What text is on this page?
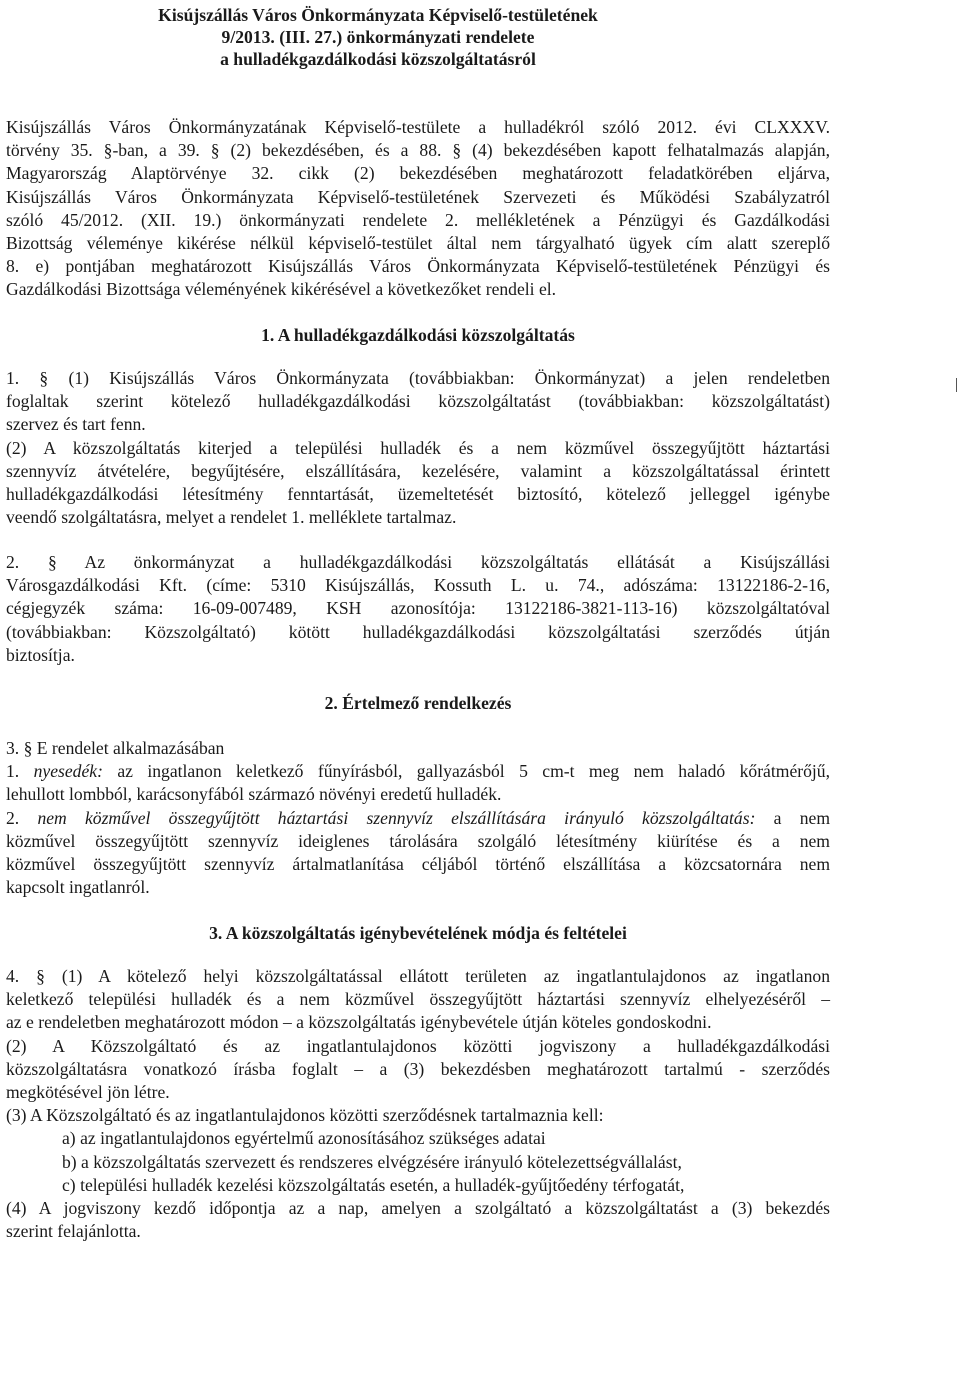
Kisújszállás Város Önkormányzata Képviselő-testületének
9/2013. (III. 27.) önkormányzati rendelete
a hulladékgazdálkodási közszolgáltatásról
Kisújszállás Város Önkormányzatának Képviselő-testülete a hulladékról szóló 2012. évi CLXXXV.
törvény 35. §-ban, a 39. § (2) bekezdésében, és a 88. § (4) bekezdésében kapott felhatalmazás alapján,
Magyarország Alaptörvénye 32. cikk (2) bekezdésében meghatározott feladatkörében eljárva,
Kisújszállás Város Önkormányzata Képviselő-testületének Szervezeti és Működési Szabályzatról
szóló 45/2012. (XII. 19.) önkormányzati rendelete 2. mellékletének a Pénzügyi és Gazdálkodási
Bizottság véleménye kikérése nélkül képviselő-testület által nem tárgyalható ügyek cím alatt szereplő
8. e) pontjában meghatározott Kisújszállás Város Önkormányzata Képviselő-testületének Pénzügyi és
Gazdálkodási Bizottsága véleményének kikérésével a következőket rendeli el.
1. A hulladékgazdálkodási közszolgáltatás
1. § (1) Kisújszállás Város Önkormányzata (továbbiakban: Önkormányzat) a jelen rendeletben
foglaltak szerint kötelező hulladékgazdálkodási közszolgáltatást (továbbiakban: közszolgáltatást)
szervez és tart fenn.
(2) A közszolgáltatás kiterjed a települési hulladék és a nem közművel összegyűjtött háztartási
szennyvíz átvételére, begyűjtésére, elszállítására, kezelésére, valamint a közszolgáltatással érintett
hulladékgazdálkodási létesítmény fenntartását, üzemeltetését biztosító, kötelező jelleggel igénybe
veendő szolgáltatásra, melyet a rendelet 1. melléklete tartalmaz.
2. § Az önkormányzat a hulladékgazdálkodási közszolgáltatás ellátását a Kisújszállási
Városgazdálkodási Kft. (címe: 5310 Kisújszállás, Kossuth L. u. 74., adószáma: 13122186-2-16,
cégjegyzék száma: 16-09-007489, KSH azonosítója: 13122186-3821-113-16) közszolgáltatóval
(továbbiakban: Közszolgáltató) kötött hulladékgazdálkodási közszolgáltatási szerződés útján
biztosítja.
2. Értelmező rendelkezés
3. § E rendelet alkalmazásában
1. nyesedék: az ingatlanon keletkező fűnyírásból, gallyazásból 5 cm-t meg nem haladó kőrátmérőjű,
lehullott lombból, karácsonyfából származó növényi eredetű hulladék.
2. nem közművel összegyűjtött háztartási szennyvíz elszállítására irányuló közszolgáltatás: a nem
közművel összegyűjtött szennyvíz ideiglenes tárolására szolgáló létesítmény kiürítése és a nem
közművel összegyűjtött szennyvíz ártalmatlanítása céljából történő elszállítása a közcsatornára nem
kapcsolt ingatlanról.
3. A közszolgáltatás igénybevételének módja és feltételei
4. § (1) A kötelező helyi közszolgáltatással ellátott területen az ingatlantulajdonos az ingatlanon
keletkező települési hulladék és a nem közművel összegyűjtött háztartási szennyvíz elhelyezéséről –
az e rendeletben meghatározott módon – a közszolgáltatás igénybevétele útján köteles gondoskodni.
(2) A Közszolgáltató és az ingatlantulajdonos közötti jogviszony a hulladékgazdálkodási
közszolgáltatásra vonatkozó írásba foglalt – a (3) bekezdésben meghatározott tartalmú - szerződés
megkötésével jön létre.
(3) A Közszolgáltató és az ingatlantulajdonos közötti szerződésnek tartalmaznia kell:
a) az ingatlantulajdonos egyértelmű azonosításához szükséges adatai
b) a közszolgáltatás szervezett és rendszeres elvégzésére irányuló kötelezettségvállalást,
c) települési hulladék kezelési közszolgáltatás esetén, a hulladék-gyűjtőedény térfogatát,
(4) A jogviszony kezdő időpontja az a nap, amelyen a szolgáltató a közszolgáltatást a (3) bekezdés
szerint felajánlotta.
